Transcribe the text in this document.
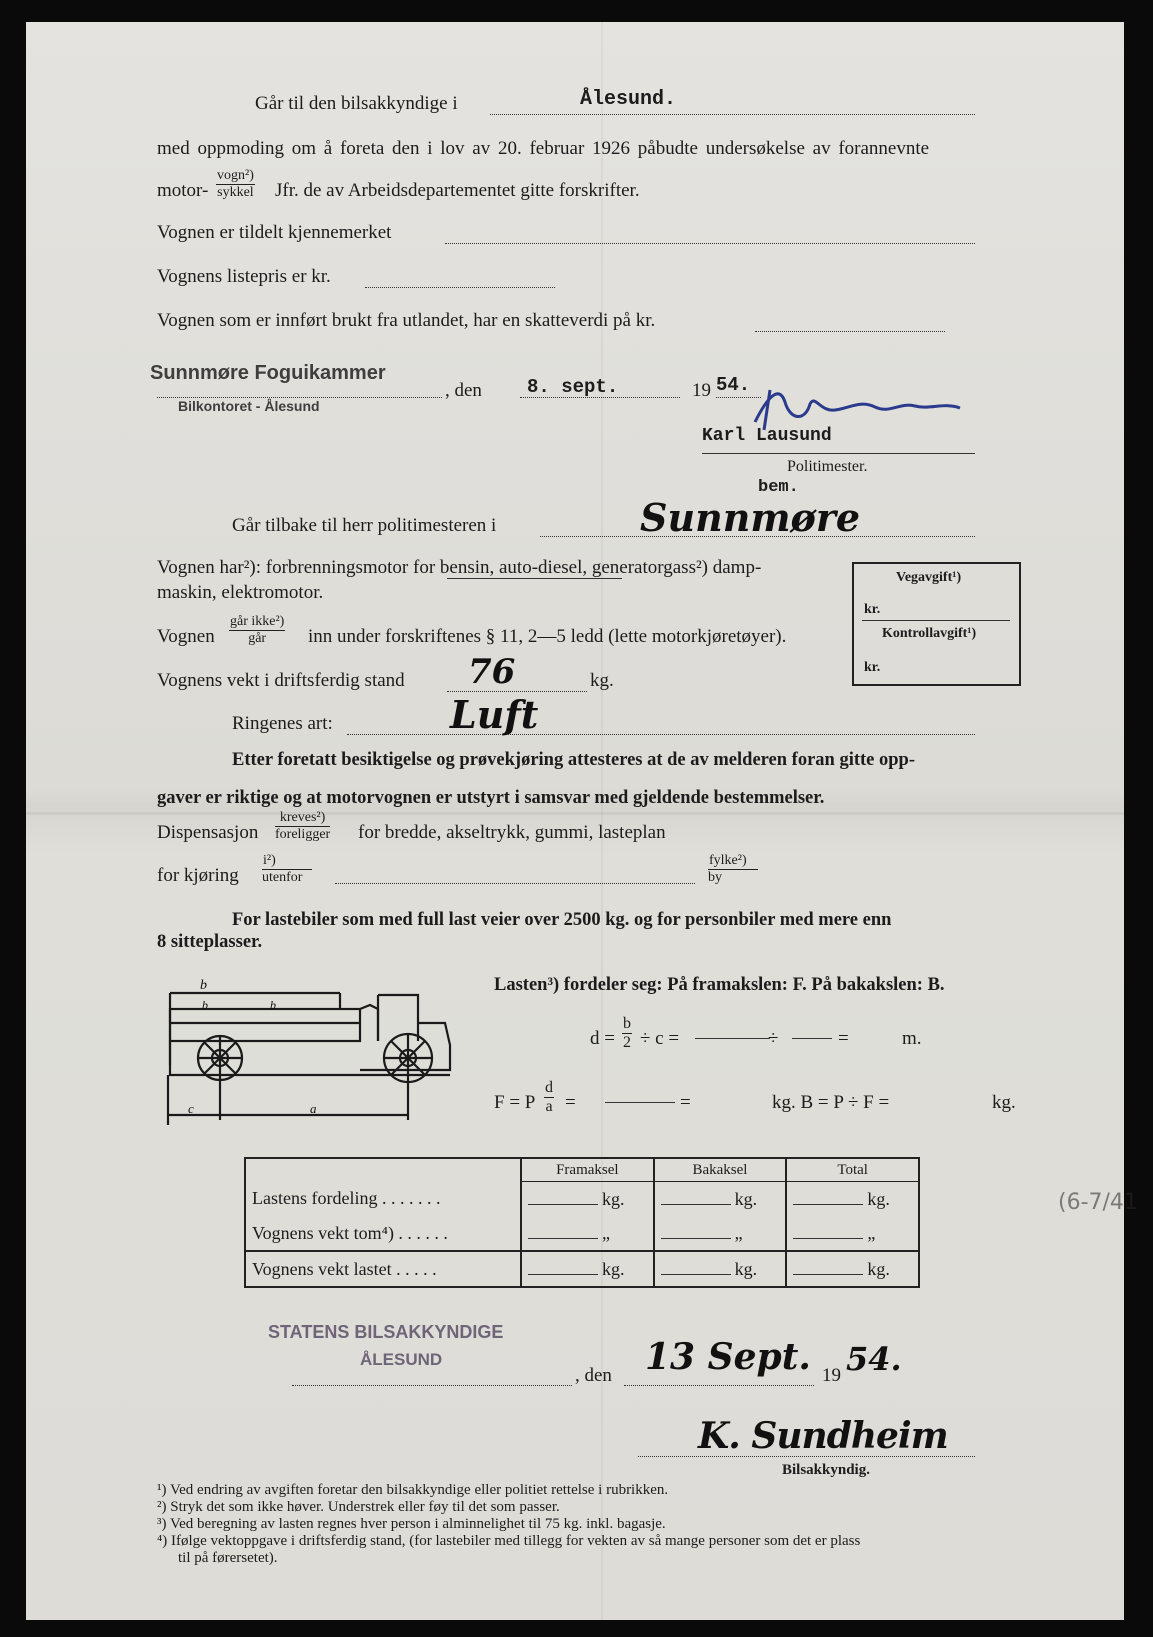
Går til den bilsakkyndige i	Ålesund.
med oppmoding om å foreta den i lov av 20. februar 1926 påbudte undersøkelse av forannevnte
motor-
vogn²)
sykkel Jfr. de av Arbeidsdepartementet gitte forskrifter.
Vognen er tildelt kjennemerket
Vognens listepris er kr.
Vognen som er innført brukt fra utlandet, har en skatteverdi på kr.
Sunnmøre Foguikammer
Bilkontoret - Ålesund
, den 8. sept.	19 54.
Karl Lausund
Politimester.
bem.
Går tilbake til herr politimesteren i	Sunnmøre
Vognen har²): forbrenningsmotor for bensin, auto-diesel, generatorgass²) damp-
maskin, elektromotor.
Vognen
går ikke²)
går	inn under forskriftenes § 11, 2—5 ledd (lette motorkjøretøyer).
Vognens vekt i driftsferdig stand 76	kg.
Ringenes art:	Luft
Vegavgift¹)
kr.
Kontrollavgift¹)
kr.
Etter foretatt besiktigelse og prøvekjøring attesteres at de av melderen foran gitte opp-
gaver er riktige og at motorvognen er utstyrt i samsvar med gjeldende bestemmelser.
Dispensasjon
kreves²)
foreligger for bredde, akseltrykk, gummi, lasteplan
for kjøring
i²)
utenfor
fylke²)
by
For lastebiler som med full last veier over 2500 kg. og for personbiler med mere enn
8 sitteplasser.
b
b	b
c	a
Lasten³) fordeler seg: På framakslen: F. På bakakslen: B.
$d = \frac{b}{2} \div c$ =	÷	=	m.
F = P $\frac{d}{a}$ =	=	kg. B = P ÷ F =	kg.
	Framaksel	Bakaksel	Total
Lastens fordeling . . . . . . .	kg.	kg.	kg.
Vognens vekt tom⁴) . . . . . .	„	„	„
Vognens vekt lastet . . . . .	kg.	kg.	kg.
STATENS BILSAKKYNDIGE
ÅLESUND
, den 13 Sept. 19 54.
K. Sundheim
Bilsakkyndig.
¹) Ved endring av avgiften foretar den bilsakkyndige eller politiet rettelse i rubrikken.
²) Stryk det som ikke høver. Understrek eller føy til det som passer.
³) Ved beregning av lasten regnes hver person i alminnelighet til 75 kg. inkl. bagasje.
⁴) Ifølge vektoppgave i driftsferdig stand, (for lastebiler med tillegg for vekten av så mange personer som det er plass
til på førersetet).
(6-7/41
